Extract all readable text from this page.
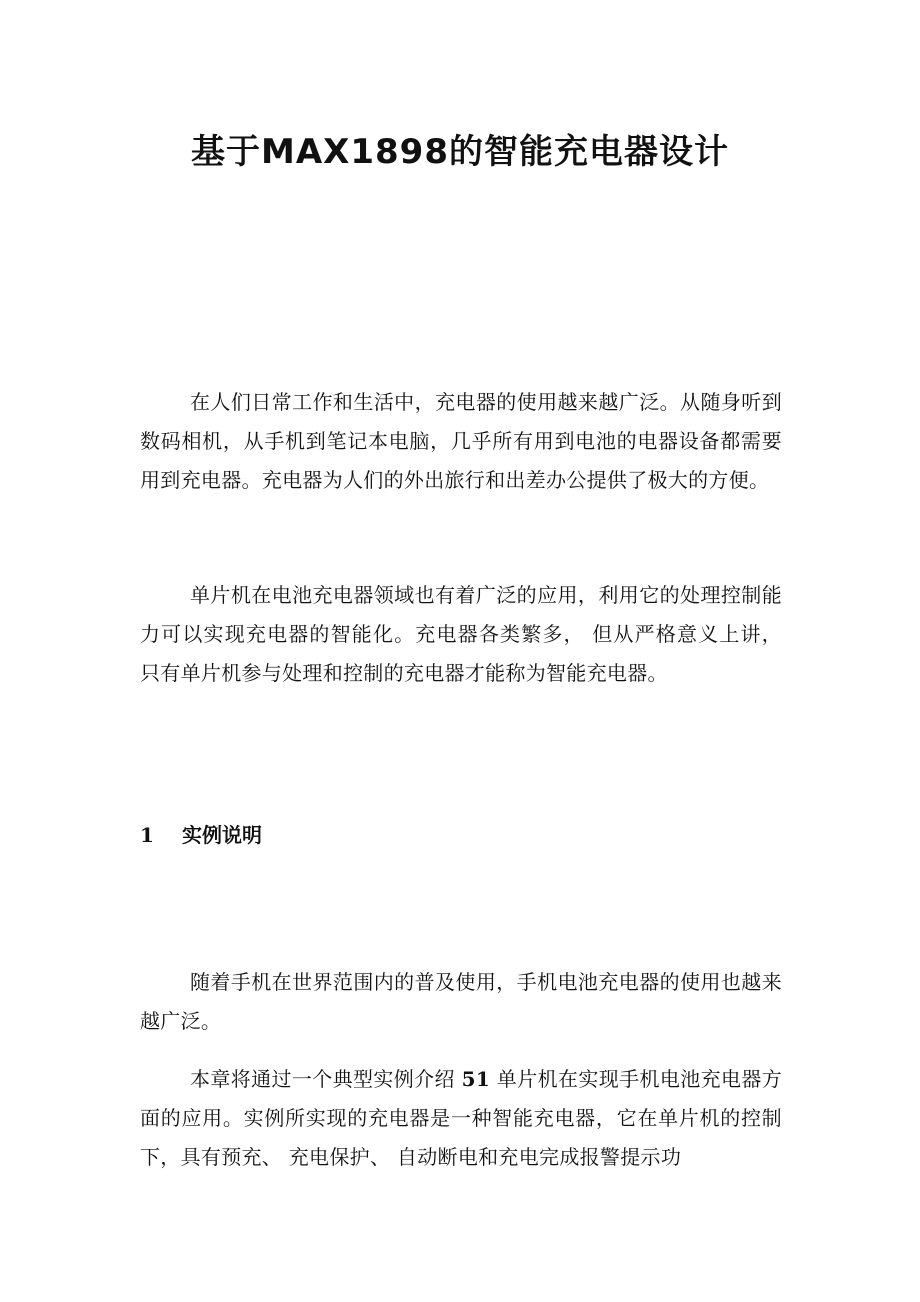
基于MAX1898的智能充电器设计

在人们日常工作和生活中，充电器的使用越来越广泛。从随身听到数码相机，从手机到笔记本电脑，几乎所有用到电池的电器设备都需要用到充电器。充电器为人们的外出旅行和出差办公提供了极大的方便。

单片机在电池充电器领域也有着广泛的应用，利用它的处理控制能力可以实现充电器的智能化。充电器各类繁多， 但从严格意义上讲， 只有单片机参与处理和控制的充电器才能称为智能充电器。

1 实例说明

随着手机在世界范围内的普及使用，手机电池充电器的使用也越来越广泛。

本章将通过一个典型实例介绍 51 单片机在实现手机电池充电器方面的应用。实例所实现的充电器是一种智能充电器，它在单片机的控制下，具有预充、 充电保护、 自动断电和充电完成报警提示功
